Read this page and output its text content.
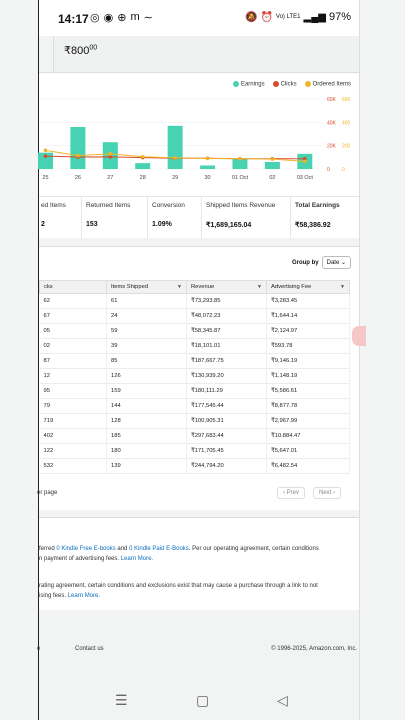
14:17 ◎ ◉ ⊕ m ∼	🔕 ⏰ Vo) LTE1 ▂▄▆ 97%
$₹800^{00}$
Earnings	Clicks	Ordered Items
0
20K
40K
60K
0
200
400
600
25	26	27	28	29	30	01 Oct	02	03 Oct
ed Items
2
Returned Items
153
Conversion
1.09%
Shipped Items Revenue
₹1,689,165.04
Total Earnings
₹58,386.92
Group by	Date ⌄
cks	Items Shipped ▼	Revenue ▼	Advertising Fee ▼

62	61	₹73,293.85	₹3,283.45
67	24	₹48,072.23	₹1,644.14
05	59	₹58,345.87	₹2,124.97
02	39	₹18,101.01	₹593.78
87	85	₹187,667.75	₹9,146.19
12	126	₹130,939.20	₹1,148.19
95	159	₹180,111.29	₹5,586.61
79	144	₹177,545.44	₹8,877.78
719	128	₹100,905.31	₹2,967.99
402	185	₹297,683.44	₹10,884.47
122	180	₹171,705.45	₹5,647.01
532	139	₹244,794.20	₹6,482.54
er page	‹ Prev	Next ›
ferred 0 Kindle Free E-books and 0 Kindle Paid E-Books. Per our operating agreement, certain conditions
n payment of advertising fees. Learn More.
rating agreement, certain conditions and exclusions exist that may cause a purchase through a link to not
ising fees. Learn More.
e	Contact us	© 1996-2025, Amazon.com, Inc.
☰	▢	◁
